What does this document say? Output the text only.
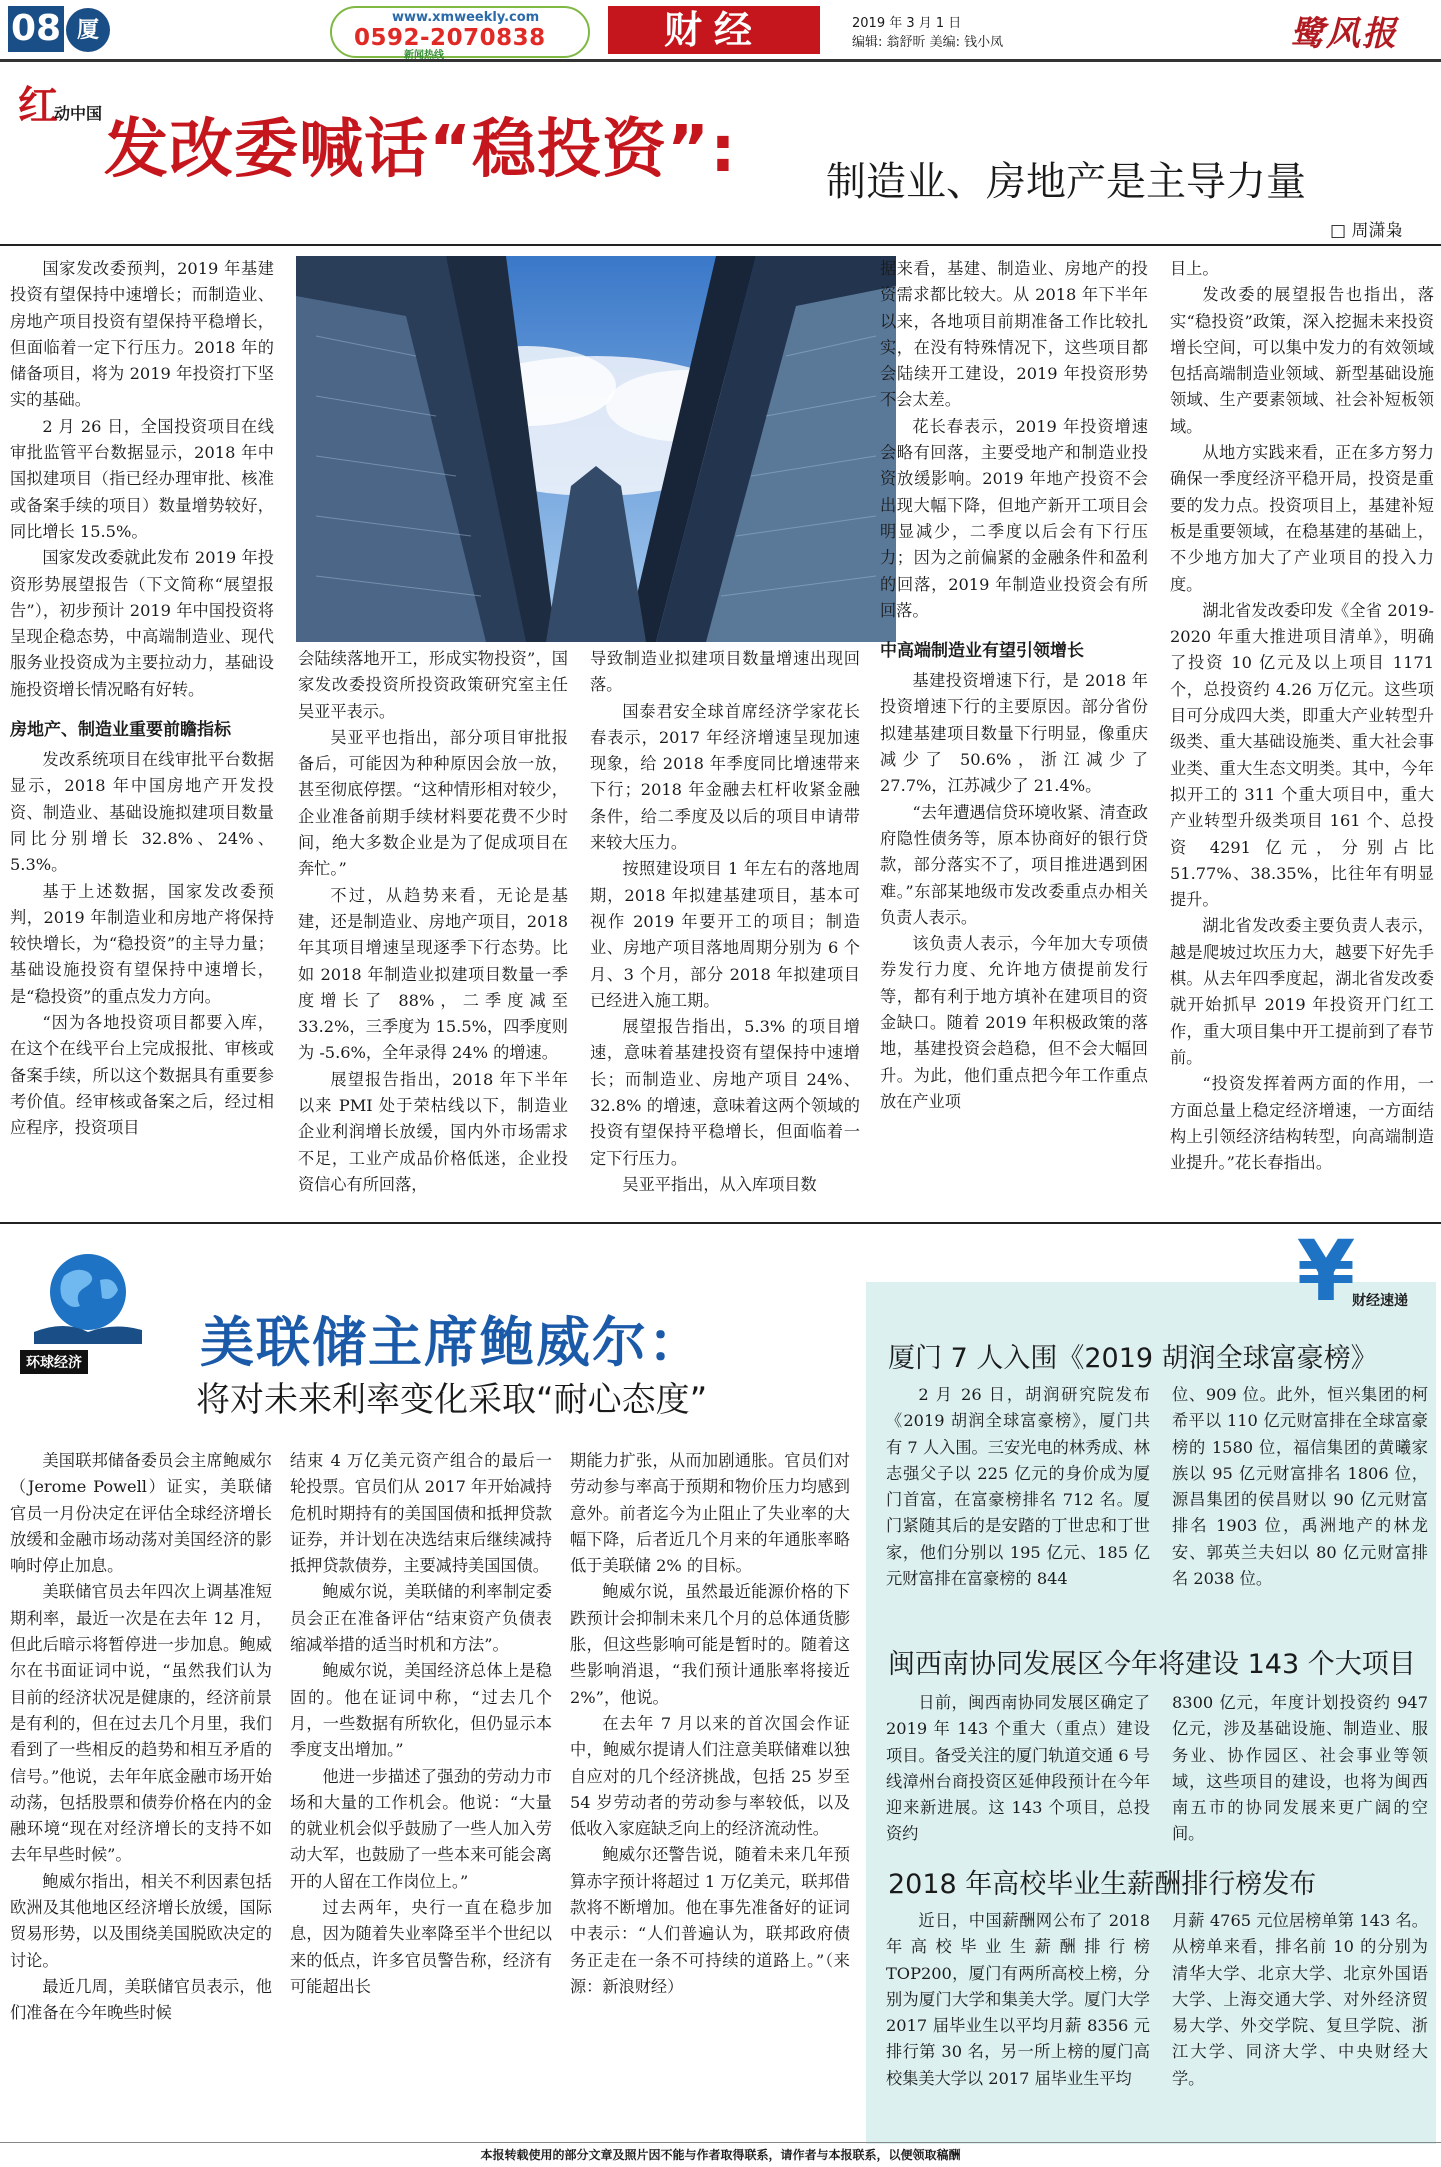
08 厦	www.xmweekly.com
0592-2070838
新闻热线
财经	2019 年 3 月 1 日
编辑: 翁舒昕 美编: 钱小凤	鹭风报
红动中国 发改委喊话“稳投资”: 制造业、房地产是主导力量
□ 周潇枭

国家发改委预判，2019 年基建投资有望保持中速增长；而制造业、房地产项目投资有望保持平稳增长，但面临着一定下行压力。2018 年的储备项目，将为 2019 年投资打下坚实的基础。

2 月 26 日，全国投资项目在线审批监管平台数据显示，2018 年中国拟建项目（指已经办理审批、核准或备案手续的项目）数量增势较好，同比增长 15.5%。

国家发改委就此发布 2019 年投资形势展望报告（下文简称“展望报告”），初步预计 2019 年中国投资将呈现企稳态势，中高端制造业、现代服务业投资成为主要拉动力，基础设施投资增长情况略有好转。

房地产、制造业重要前瞻指标

发改系统项目在线审批平台数据显示，2018 年中国房地产开发投资、制造业、基础设施拟建项目数量同比分别增长 32.8%、24%、5.3%。

基于上述数据，国家发改委预判，2019 年制造业和房地产将保持较快增长，为“稳投资”的主导力量；基础设施投资有望保持中速增长，是“稳投资”的重点发力方向。

“因为各地投资项目都要入库，在这个在线平台上完成报批、审核或备案手续，所以这个数据具有重要参考价值。经审核或备案之后，经过相应程序，投资项目

会陆续落地开工，形成实物投资”，国家发改委投资所投资政策研究室主任吴亚平表示。

吴亚平也指出，部分项目审批报备后，可能因为种种原因会放一放，甚至彻底停摆。“这种情形相对较少，企业准备前期手续材料要花费不少时间，绝大多数企业是为了促成项目在奔忙。”

不过，从趋势来看，无论是基建，还是制造业、房地产项目，2018 年其项目增速呈现逐季下行态势。比如 2018 年制造业拟建项目数量一季度增长了 88%，二季度减至 33.2%，三季度为 15.5%，四季度则为 -5.6%，全年录得 24% 的增速。

展望报告指出，2018 年下半年以来 PMI 处于荣枯线以下，制造业企业利润增长放缓，国内外市场需求不足，工业产成品价格低迷，企业投资信心有所回落，

导致制造业拟建项目数量增速出现回落。

国泰君安全球首席经济学家花长春表示，2017 年经济增速呈现加速现象，给 2018 年季度同比增速带来下行；2018 年金融去杠杆收紧金融条件，给二季度及以后的项目申请带来较大压力。

按照建设项目 1 年左右的落地周期，2018 年拟建基建项目，基本可视作 2019 年要开工的项目；制造业、房地产项目落地周期分别为 6 个月、3 个月，部分 2018 年拟建项目已经进入施工期。

展望报告指出，5.3% 的项目增速，意味着基建投资有望保持中速增长；而制造业、房地产项目 24%、32.8% 的增速，意味着这两个领域的投资有望保持平稳增长，但面临着一定下行压力。

吴亚平指出，从入库项目数

据来看，基建、制造业、房地产的投资需求都比较大。从 2018 年下半年以来，各地项目前期准备工作比较扎实，在没有特殊情况下，这些项目都会陆续开工建设，2019 年投资形势不会太差。

花长春表示，2019 年投资增速会略有回落，主要受地产和制造业投资放缓影响。2019 年地产投资不会出现大幅下降，但地产新开工项目会明显减少，二季度以后会有下行压力；因为之前偏紧的金融条件和盈利的回落，2019 年制造业投资会有所回落。

中高端制造业有望引领增长

基建投资增速下行，是 2018 年投资增速下行的主要原因。部分省份拟建基建项目数量下行明显，像重庆减少了 50.6%，浙江减少了 27.7%，江苏减少了 21.4%。

“去年遭遇信贷环境收紧、清查政府隐性债务等，原本协商好的银行贷款，部分落实不了，项目推进遇到困难。”东部某地级市发改委重点办相关负责人表示。

该负责人表示，今年加大专项债券发行力度、允许地方债提前发行等，都有利于地方填补在建项目的资金缺口。随着 2019 年积极政策的落地，基建投资会趋稳，但不会大幅回升。为此，他们重点把今年工作重点放在产业项

目上。

发改委的展望报告也指出，落实“稳投资”政策，深入挖掘未来投资增长空间，可以集中发力的有效领域包括高端制造业领域、新型基础设施领域、生产要素领域、社会补短板领域。

从地方实践来看，正在多方努力确保一季度经济平稳开局，投资是重要的发力点。投资项目上，基建补短板是重要领域，在稳基建的基础上，不少地方加大了产业项目的投入力度。

湖北省发改委印发《全省 2019-2020 年重大推进项目清单》，明确了投资 10 亿元及以上项目 1171 个，总投资约 4.26 万亿元。这些项目可分成四大类，即重大产业转型升级类、重大基础设施类、重大社会事业类、重大生态文明类。其中，今年拟开工的 311 个重大项目中，重大产业转型升级类项目 161 个、总投资 4291 亿元，分别占比 51.77%、38.35%，比往年有明显提升。

湖北省发改委主要负责人表示，越是爬坡过坎压力大，越要下好先手棋。从去年四季度起，湖北省发改委就开始抓早 2019 年投资开门红工作，重大项目集中开工提前到了春节前。

“投资发挥着两方面的作用，一方面总量上稳定经济增速，一方面结构上引领经济结构转型，向高端制造业提升。”花长春指出。

环球经济 美联储主席鲍威尔：
将对未来利率变化采取“耐心态度”

美国联邦储备委员会主席鲍威尔（Jerome Powell）证实，美联储官员一月份决定在评估全球经济增长放缓和金融市场动荡对美国经济的影响时停止加息。

美联储官员去年四次上调基准短期利率，最近一次是在去年 12 月，但此后暗示将暂停进一步加息。鲍威尔在书面证词中说，“虽然我们认为目前的经济状况是健康的，经济前景是有利的，但在过去几个月里，我们看到了一些相反的趋势和相互矛盾的信号。”他说，去年年底金融市场开始动荡，包括股票和债券价格在内的金融环境“现在对经济增长的支持不如去年早些时候”。

鲍威尔指出，相关不利因素包括欧洲及其他地区经济增长放缓，国际贸易形势，以及围绕美国脱欧决定的讨论。

最近几周，美联储官员表示，他们准备在今年晚些时候

结束 4 万亿美元资产组合的最后一轮投票。官员们从 2017 年开始减持危机时期持有的美国国债和抵押贷款证券，并计划在决选结束后继续减持抵押贷款债券，主要减持美国国债。

鲍威尔说，美联储的利率制定委员会正在准备评估“结束资产负债表缩减举措的适当时机和方法”。

鲍威尔说，美国经济总体上是稳固的。他在证词中称，“过去几个月，一些数据有所软化，但仍显示本季度支出增加。”

他进一步描述了强劲的劳动力市场和大量的工作机会。他说：“大量的就业机会似乎鼓励了一些人加入劳动大军，也鼓励了一些本来可能会离开的人留在工作岗位上。”

过去两年，央行一直在稳步加息，因为随着失业率降至半个世纪以来的低点，许多官员警告称，经济有可能超出长

期能力扩张，从而加剧通胀。官员们对劳动参与率高于预期和物价压力均感到意外。前者迄今为止阻止了失业率的大幅下降，后者近几个月来的年通胀率略低于美联储 2% 的目标。

鲍威尔说，虽然最近能源价格的下跌预计会抑制未来几个月的总体通货膨胀，但这些影响可能是暂时的。随着这些影响消退，“我们预计通胀率将接近 2%”，他说。

在去年 7 月以来的首次国会作证中，鲍威尔提请人们注意美联储难以独自应对的几个经济挑战，包括 25 岁至 54 岁劳动者的劳动参与率较低，以及低收入家庭缺乏向上的经济流动性。

鲍威尔还警告说，随着未来几年预算赤字预计将超过 1 万亿美元，联邦借款将不断增加。他在事先准备好的证词中表示：“人们普遍认为，联邦政府债务正走在一条不可持续的道路上。”（来源：新浪财经）

¥
财经速递
厦门 7 人入围《2019 胡润全球富豪榜》

2 月 26 日，胡润研究院发布《2019 胡润全球富豪榜》，厦门共有 7 人入围。三安光电的林秀成、林志强父子以 225 亿元的身价成为厦门首富，在富豪榜排名 712 名。厦门紧随其后的是安踏的丁世忠和丁世家，他们分别以 195 亿元、185 亿元财富排在富豪榜的 844

位、909 位。此外，恒兴集团的柯希平以 110 亿元财富排在全球富豪榜的 1580 位，福信集团的黄曦家族以 95 亿元财富排名 1806 位，源昌集团的侯昌财以 90 亿元财富排名 1903 位，禹洲地产的林龙安、郭英兰夫妇以 80 亿元财富排名 2038 位。

闽西南协同发展区今年将建设 143 个大项目

日前，闽西南协同发展区确定了 2019 年 143 个重大（重点）建设项目。备受关注的厦门轨道交通 6 号线漳州台商投资区延伸段预计在今年迎来新进展。这 143 个项目，总投资约

8300 亿元，年度计划投资约 947 亿元，涉及基础设施、制造业、服务业、协作园区、社会事业等领域，这些项目的建设，也将为闽西南五市的协同发展来更广阔的空间。

2018 年高校毕业生薪酬排行榜发布

近日，中国薪酬网公布了 2018 年高校毕业生薪酬排行榜 TOP200，厦门有两所高校上榜，分别为厦门大学和集美大学。厦门大学 2017 届毕业生以平均月薪 8356 元排行第 30 名，另一所上榜的厦门高校集美大学以 2017 届毕业生平均

月薪 4765 元位居榜单第 143 名。从榜单来看，排名前 10 的分别为清华大学、北京大学、北京外国语大学、上海交通大学、对外经济贸易大学、外交学院、复旦学院、浙江大学、同济大学、中央财经大学。

本报转载使用的部分文章及照片因不能与作者取得联系，请作者与本报联系，以便领取稿酬
